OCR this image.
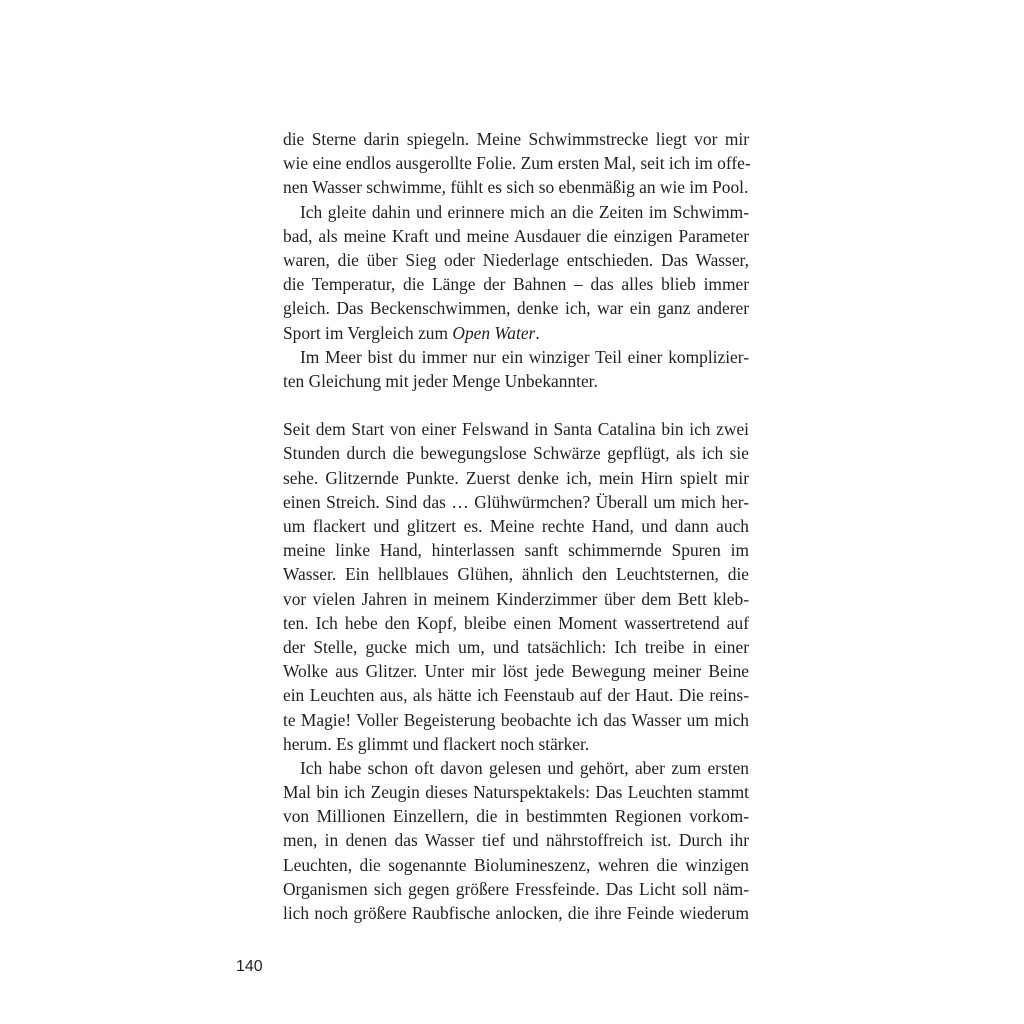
die Sterne darin spiegeln. Meine Schwimmstrecke liegt vor mir
wie eine endlos ausgerollte Folie. Zum ersten Mal, seit ich im offe-
nen Wasser schwimme, fühlt es sich so ebenmäßig an wie im Pool.
Ich gleite dahin und erinnere mich an die Zeiten im Schwimm-
bad, als meine Kraft und meine Ausdauer die einzigen Parameter
waren, die über Sieg oder Niederlage entschieden. Das Wasser,
die Temperatur, die Länge der Bahnen – das alles blieb immer
gleich. Das Beckenschwimmen, denke ich, war ein ganz anderer
Sport im Vergleich zum Open Water.
Im Meer bist du immer nur ein winziger Teil einer komplizier-
ten Gleichung mit jeder Menge Unbekannter.
Seit dem Start von einer Felswand in Santa Catalina bin ich zwei
Stunden durch die bewegungslose Schwärze gepflügt, als ich sie
sehe. Glitzernde Punkte. Zuerst denke ich, mein Hirn spielt mir
einen Streich. Sind das … Glühwürmchen? Überall um mich her-
um flackert und glitzert es. Meine rechte Hand, und dann auch
meine linke Hand, hinterlassen sanft schimmernde Spuren im
Wasser. Ein hellblaues Glühen, ähnlich den Leuchtsternen, die
vor vielen Jahren in meinem Kinderzimmer über dem Bett kleb-
ten. Ich hebe den Kopf, bleibe einen Moment wassertretend auf
der Stelle, gucke mich um, und tatsächlich: Ich treibe in einer
Wolke aus Glitzer. Unter mir löst jede Bewegung meiner Beine
ein Leuchten aus, als hätte ich Feenstaub auf der Haut. Die reins-
te Magie! Voller Begeisterung beobachte ich das Wasser um mich
herum. Es glimmt und flackert noch stärker.
Ich habe schon oft davon gelesen und gehört, aber zum ersten
Mal bin ich Zeugin dieses Naturspektakels: Das Leuchten stammt
von Millionen Einzellern, die in bestimmten Regionen vorkom-
men, in denen das Wasser tief und nährstoffreich ist. Durch ihr
Leuchten, die sogenannte Biolumineszenz, wehren die winzigen
Organismen sich gegen größere Fressfeinde. Das Licht soll näm-
lich noch größere Raubfische anlocken, die ihre Feinde wiederum
140
